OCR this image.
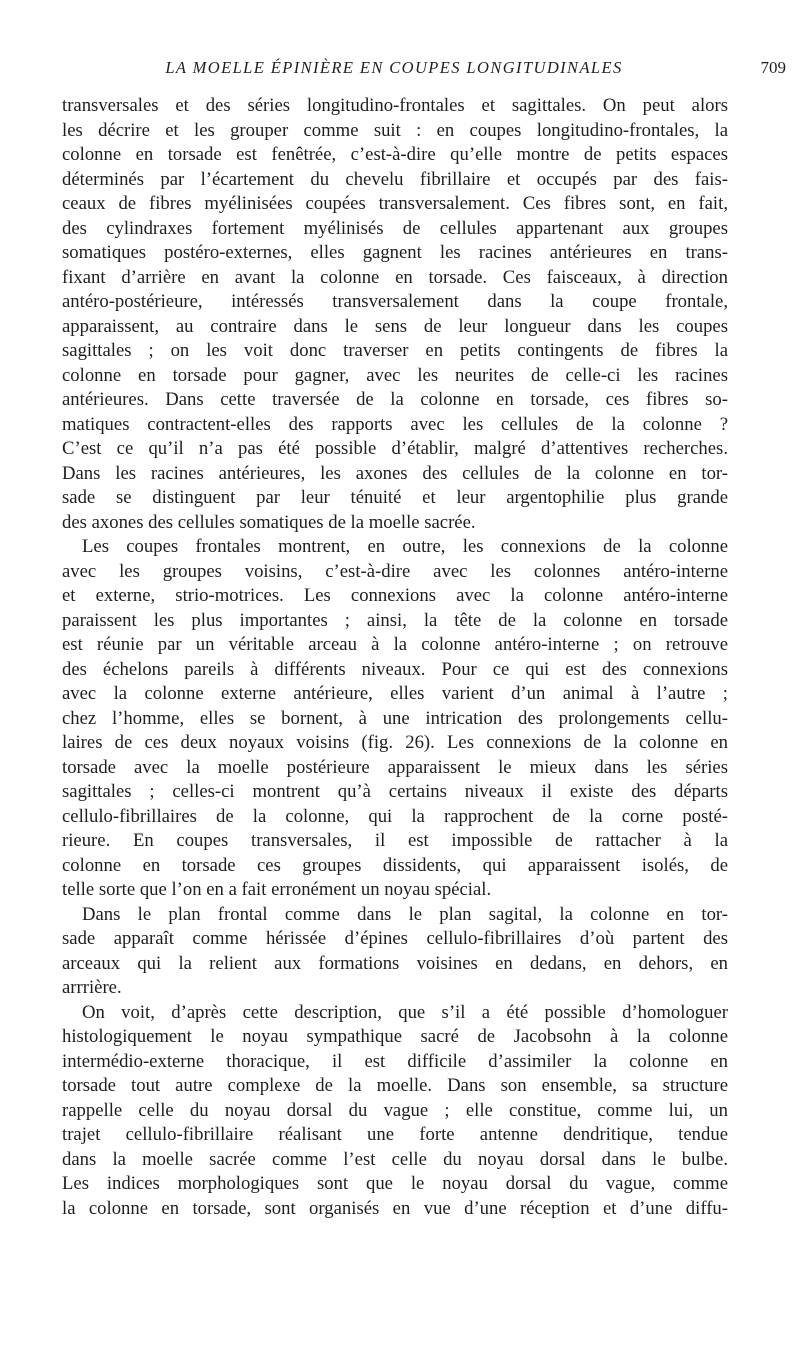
LA MOELLE ÉPINIÈRE EN COUPES LONGITUDINALES	709
transversales et des séries longitudino-frontales et sagittales. On peut alors
les décrire et les grouper comme suit : en coupes longitudino-frontales, la
colonne en torsade est fenêtrée, c’est-à-dire qu’elle montre de petits espaces
déterminés par l’écartement du chevelu fibrillaire et occupés par des fais-
ceaux de fibres myélinisées coupées transversalement. Ces fibres sont, en fait,
des cylindraxes fortement myélinisés de cellules appartenant aux groupes
somatiques postéro-externes, elles gagnent les racines antérieures en trans-
fixant d’arrière en avant la colonne en torsade. Ces faisceaux, à direction
antéro-postérieure, intéressés transversalement dans la coupe frontale,
apparaissent, au contraire dans le sens de leur longueur dans les coupes
sagittales ; on les voit donc traverser en petits contingents de fibres la
colonne en torsade pour gagner, avec les neurites de celle-ci les racines
antérieures. Dans cette traversée de la colonne en torsade, ces fibres so-
matiques contractent-elles des rapports avec les cellules de la colonne ?
C’est ce qu’il n’a pas été possible d’établir, malgré d’attentives recherches.
Dans les racines antérieures, les axones des cellules de la colonne en tor-
sade se distinguent par leur ténuité et leur argentophilie plus grande
des axones des cellules somatiques de la moelle sacrée.
Les coupes frontales montrent, en outre, les connexions de la colonne
avec les groupes voisins, c’est-à-dire avec les colonnes antéro-interne
et externe, strio-motrices. Les connexions avec la colonne antéro-interne
paraissent les plus importantes ; ainsi, la tête de la colonne en torsade
est réunie par un véritable arceau à la colonne antéro-interne ; on retrouve
des échelons pareils à différents niveaux. Pour ce qui est des connexions
avec la colonne externe antérieure, elles varient d’un animal à l’autre ;
chez l’homme, elles se bornent, à une intrication des prolongements cellu-
laires de ces deux noyaux voisins (fig. 26). Les connexions de la colonne en
torsade avec la moelle postérieure apparaissent le mieux dans les séries
sagittales ; celles-ci montrent qu’à certains niveaux il existe des départs
cellulo-fibrillaires de la colonne, qui la rapprochent de la corne posté-
rieure. En coupes transversales, il est impossible de rattacher à la
colonne en torsade ces groupes dissidents, qui apparaissent isolés, de
telle sorte que l’on en a fait erronément un noyau spécial.
Dans le plan frontal comme dans le plan sagital, la colonne en tor-
sade apparaît comme hérissée d’épines cellulo-fibrillaires d’où partent des
arceaux qui la relient aux formations voisines en dedans, en dehors, en
arrrière.
On voit, d’après cette description, que s’il a été possible d’homologuer
histologiquement le noyau sympathique sacré de Jacobsohn à la colonne
intermédio-externe thoracique, il est difficile d’assimiler la colonne en
torsade tout autre complexe de la moelle. Dans son ensemble, sa structure
rappelle celle du noyau dorsal du vague ; elle constitue, comme lui, un
trajet cellulo-fibrillaire réalisant une forte antenne dendritique, tendue
dans la moelle sacrée comme l’est celle du noyau dorsal dans le bulbe.
Les indices morphologiques sont que le noyau dorsal du vague, comme
la colonne en torsade, sont organisés en vue d’une réception et d’une diffu-
